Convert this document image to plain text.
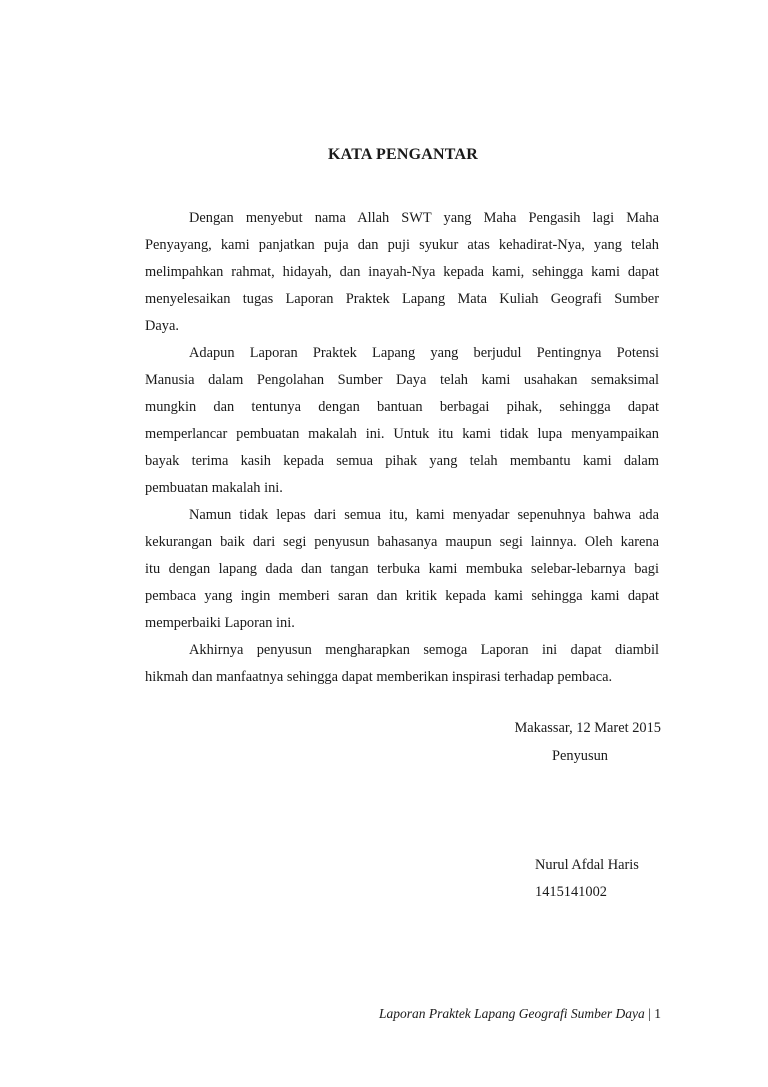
KATA PENGANTAR
Dengan menyebut nama Allah SWT yang Maha Pengasih lagi Maha
Penyayang, kami panjatkan puja dan puji syukur atas kehadirat-Nya, yang telah
melimpahkan rahmat, hidayah, dan inayah-Nya kepada kami, sehingga kami dapat
menyelesaikan tugas Laporan Praktek Lapang Mata Kuliah Geografi Sumber
Daya.
Adapun Laporan Praktek Lapang yang berjudul Pentingnya Potensi
Manusia dalam Pengolahan Sumber Daya telah kami usahakan semaksimal
mungkin dan tentunya dengan bantuan berbagai pihak, sehingga dapat
memperlancar pembuatan makalah ini. Untuk itu kami tidak lupa menyampaikan
bayak terima kasih kepada semua pihak yang telah membantu kami dalam
pembuatan makalah ini.
Namun tidak lepas dari semua itu, kami menyadar sepenuhnya bahwa ada
kekurangan baik dari segi penyusun bahasanya maupun segi lainnya. Oleh karena
itu dengan lapang dada dan tangan terbuka kami membuka selebar-lebarnya bagi
pembaca yang ingin memberi saran dan kritik kepada kami sehingga kami dapat
memperbaiki Laporan ini.
Akhirnya penyusun mengharapkan semoga Laporan ini dapat diambil
hikmah dan manfaatnya sehingga dapat memberikan inspirasi terhadap pembaca.
Makassar, 12 Maret 2015
Penyusun
Nurul Afdal Haris
1415141002
Laporan Praktek Lapang Geografi Sumber Daya | 1
